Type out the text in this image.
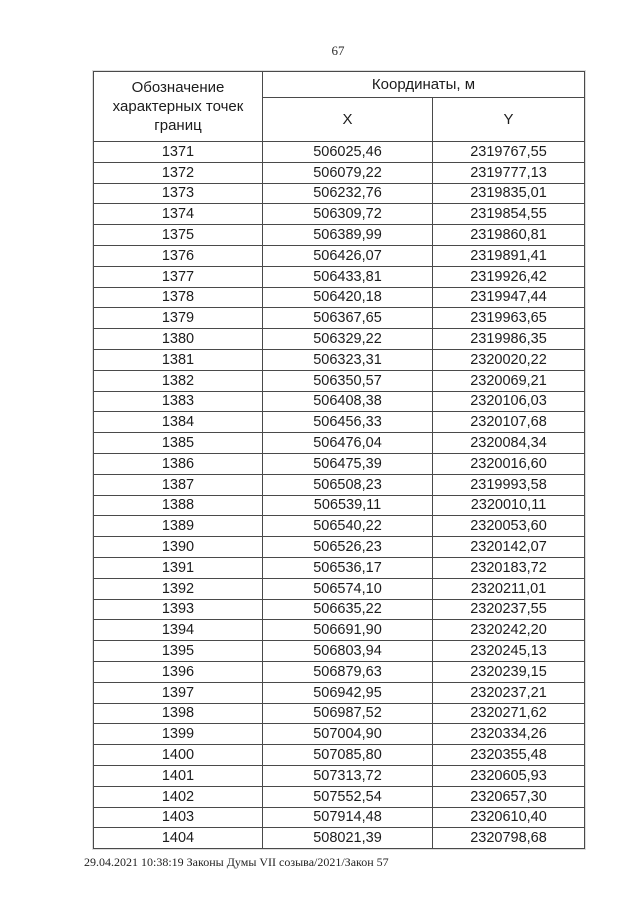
67
Обозначение характерных точек границ	Координаты, м	
	X	Y
1371	506025,46	2319767,55
1372	506079,22	2319777,13
1373	506232,76	2319835,01
1374	506309,72	2319854,55
1375	506389,99	2319860,81
1376	506426,07	2319891,41
1377	506433,81	2319926,42
1378	506420,18	2319947,44
1379	506367,65	2319963,65
1380	506329,22	2319986,35
1381	506323,31	2320020,22
1382	506350,57	2320069,21
1383	506408,38	2320106,03
1384	506456,33	2320107,68
1385	506476,04	2320084,34
1386	506475,39	2320016,60
1387	506508,23	2319993,58
1388	506539,11	2320010,11
1389	506540,22	2320053,60
1390	506526,23	2320142,07
1391	506536,17	2320183,72
1392	506574,10	2320211,01
1393	506635,22	2320237,55
1394	506691,90	2320242,20
1395	506803,94	2320245,13
1396	506879,63	2320239,15
1397	506942,95	2320237,21
1398	506987,52	2320271,62
1399	507004,90	2320334,26
1400	507085,80	2320355,48
1401	507313,72	2320605,93
1402	507552,54	2320657,30
1403	507914,48	2320610,40
1404	508021,39	2320798,68
29.04.2021 10:38:19 Законы Думы VII созыва/2021/Закон 57
